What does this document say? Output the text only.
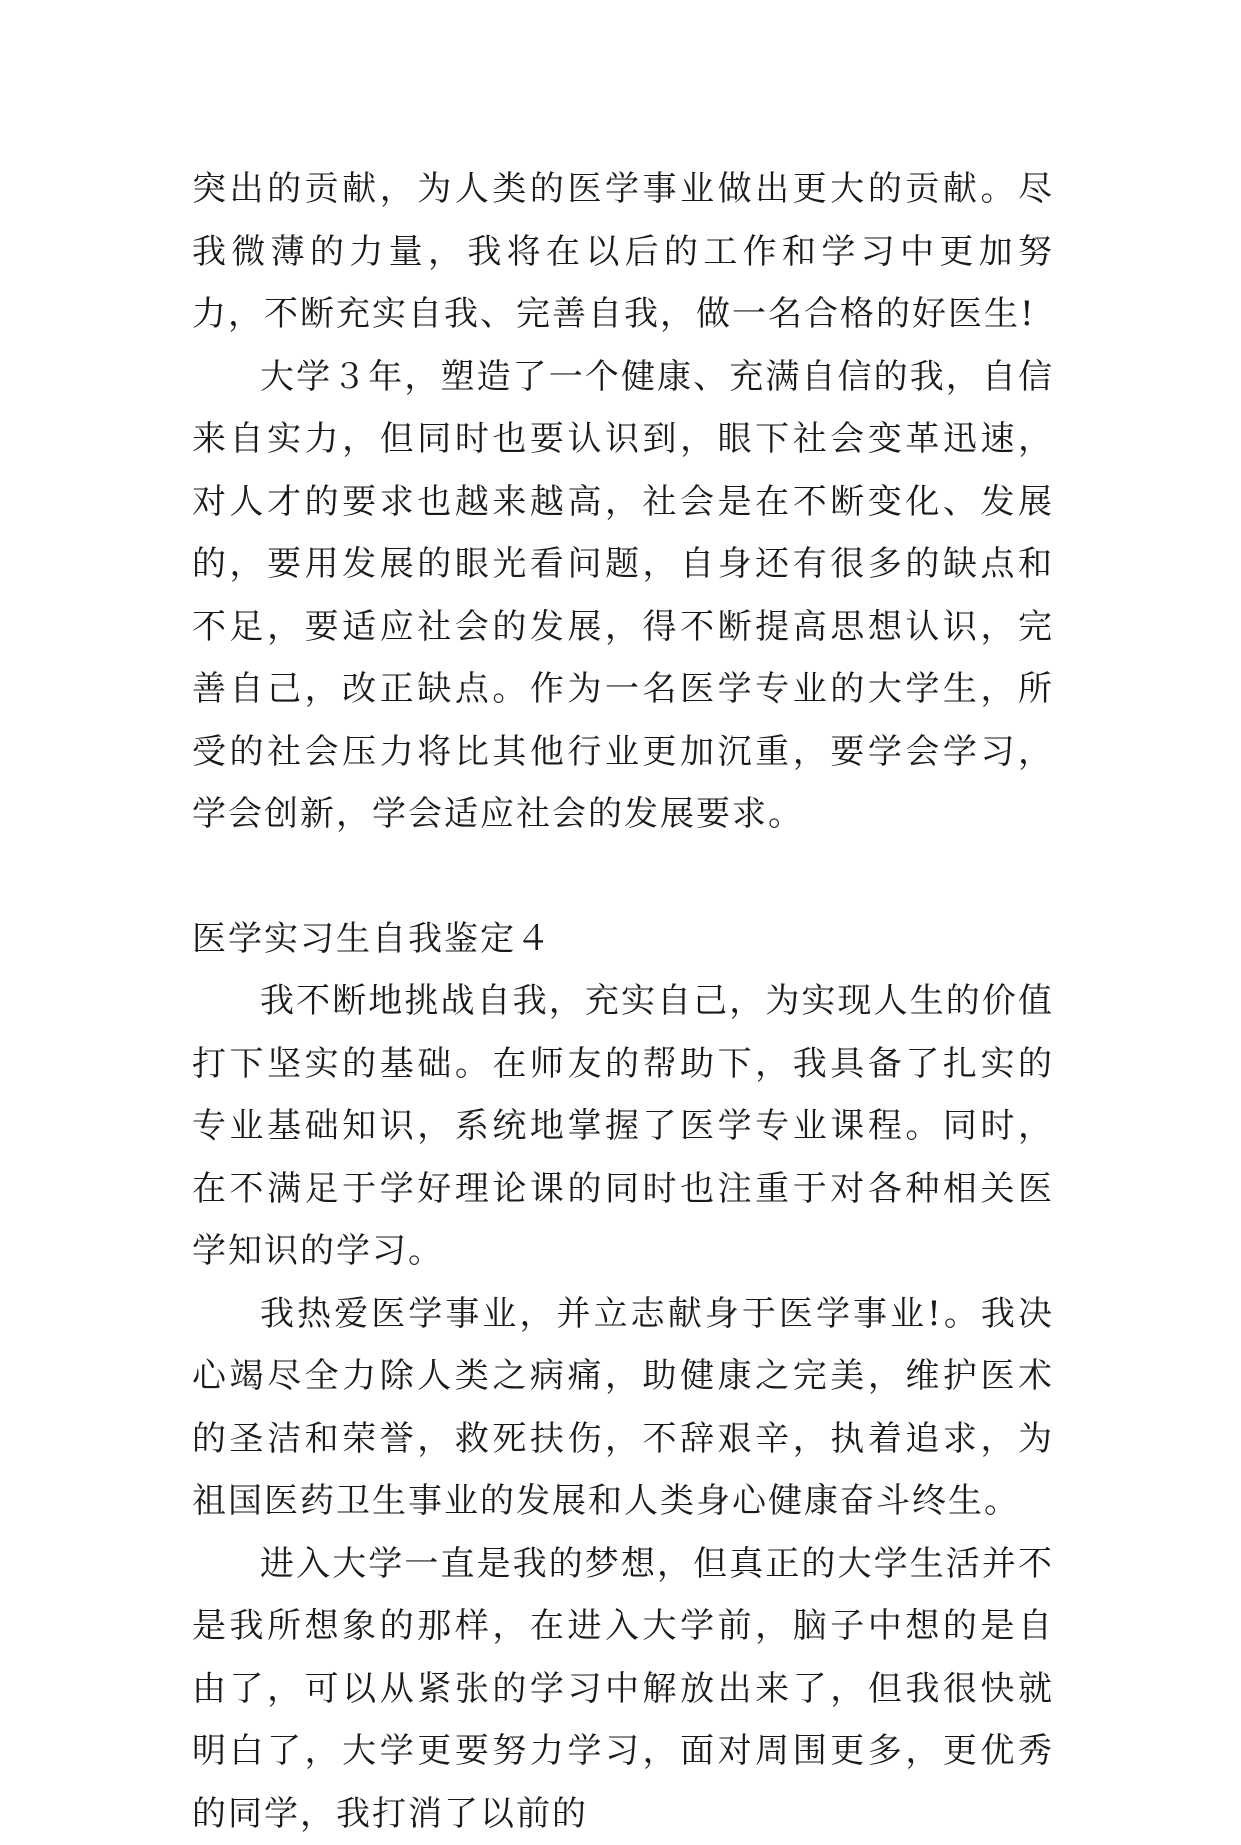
突出的贡献，为人类的医学事业做出更大的贡献。尽我微薄的力量，我将在以后的工作和学习中更加努力，不断充实自我、完善自我，做一名合格的好医生!

大学３年，塑造了一个健康、充满自信的我，自信来自实力，但同时也要认识到，眼下社会变革迅速，对人才的要求也越来越高，社会是在不断变化、发展的，要用发展的眼光看问题，自身还有很多的缺点和不足，要适应社会的发展，得不断提高思想认识，完善自己，改正缺点。作为一名医学专业的大学生，所受的社会压力将比其他行业更加沉重，要学会学习，学会创新，学会适应社会的发展要求。

医学实习生自我鉴定４

我不断地挑战自我，充实自己，为实现人生的价值打下坚实的基础。在师友的帮助下，我具备了扎实的专业基础知识，系统地掌握了医学专业课程。同时，在不满足于学好理论课的同时也注重于对各种相关医学知识的学习。

我热爱医学事业，并立志献身于医学事业!。我决心竭尽全力除人类之病痛，助健康之完美，维护医术的圣洁和荣誉，救死扶伤，不辞艰辛，执着追求，为祖国医药卫生事业的发展和人类身心健康奋斗终生。

进入大学一直是我的梦想，但真正的大学生活并不是我所想象的那样，在进入大学前，脑子中想的是自由了，可以从紧张的学习中解放出来了，但我很快就明白了，大学更要努力学习，面对周围更多，更优秀的同学，我打消了以前的
